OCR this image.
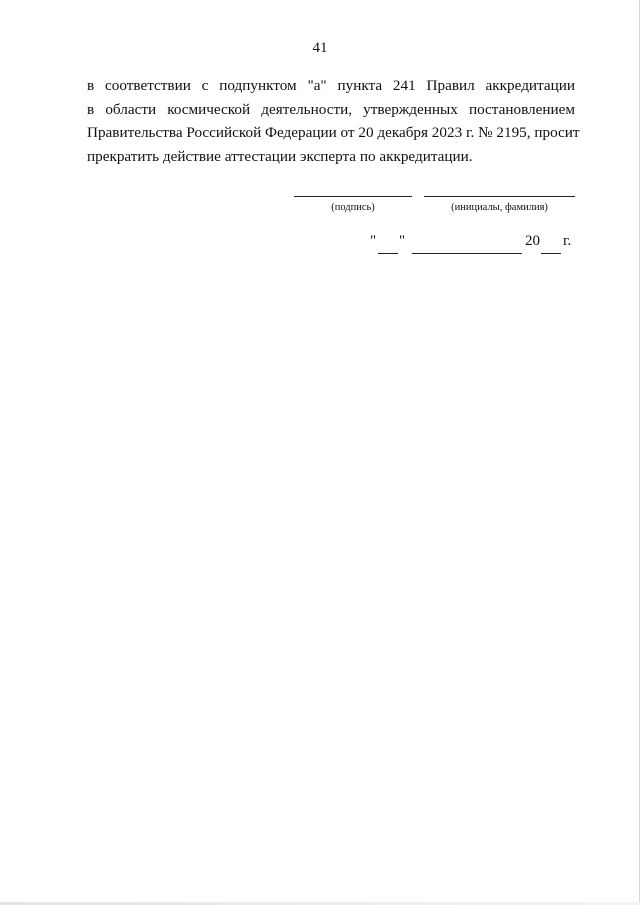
41

в соответствии с подпунктом "а" пункта 241 Правил аккредитации
в области космической деятельности, утвержденных постановлением
Правительства Российской Федерации от 20 декабря 2023 г. № 2195, просит
прекратить действие аттестации эксперта по аккредитации.

(подпись)	(инициалы, фамилия)
" "	20 г.
